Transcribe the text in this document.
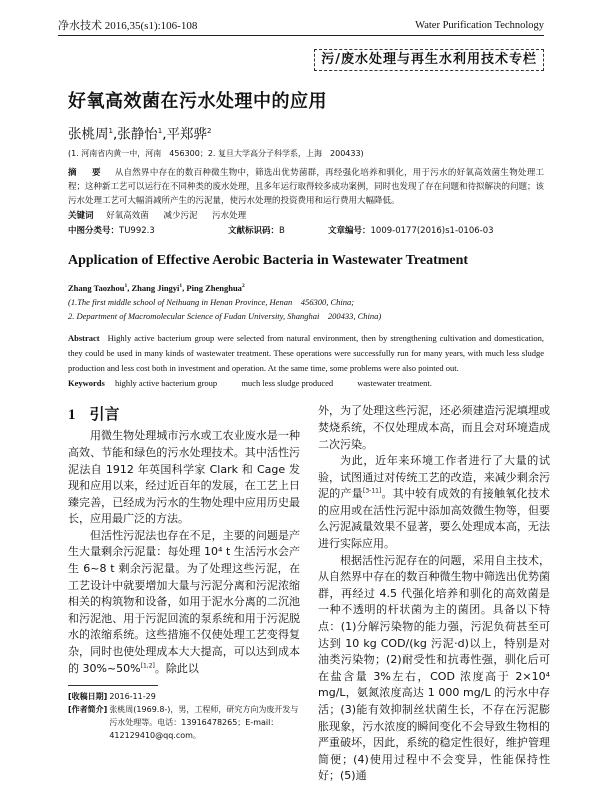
净水技术 2016,35(s1):106-108	Water Purification Technology
污/废水处理与再生水利用技术专栏
好氧高效菌在污水处理中的应用
张桃周$^1$,张静怡$^1$,平郑骅$^2$
(1. 河南省内黄一中，河南　456300；2. 复旦大学高分子科学系，上海　200433)
摘 要 从自然界中存在的数百种微生物中，筛选出优势菌群，再经强化培养和驯化，用于污水的好氧高效菌生物处理工程；这种新工艺可以运行在不同种类的废水处理，且多年运行取得较多成功案例，同时也发现了存在问题和待拟解决的问题；该污水处理工艺可大幅消减所产生的污泥量，使污水处理的投资费用和运行费用大幅降低。
关键词 好氧高效菌 减少污泥 污水处理
中图分类号：TU992.3	文献标识码：B	文章编号：1009-0177(2016)s1-0106-03
Application of Effective Aerobic Bacteria in Wastewater Treatment
Zhang Taozhou$^1$, Zhang Jingyi$^1$, Ping Zhenghua$^2$
(1.The first middle school of Neihuang in Henan Province, Henan　456300, China;
2. Department of Macromolecular Science of Fudan University, Shanghai　200433, China)
Abstract Highly active bacterium group were selected from natural environment, then by strengthening cultivation and domestication, they could be used in many kinds of wastewater treatment. These operations were successfully run for many years, with much less sludge production and less cost both in investment and operation. At the same time, some problems were also pointed out.
Keywords highly active bacterium group	much less sludge produced	wastewater treatment.
1 引言

用微生物处理城市污水或工农业废水是一种高效、节能和绿色的污水处理技术。其中活性污泥法自 1912 年英国科学家 Clark 和 Cage 发现和应用以来，经过近百年的发展，在工艺上日臻完善，已经成为污水的生物处理中应用历史最长，应用最广泛的方法。

但活性污泥法也存在不足，主要的问题是产生大量剩余污泥量：每处理 10⁴ t 生活污水会产生 6~8 t 剩余污泥量。为了处理这些污泥，在工艺设计中就要增加大量与污泥分离和污泥浓缩相关的构筑物和设备，如用于泥水分离的二沉池和污泥池、用于污泥回流的泵系统和用于污泥脱水的浓缩系统。这些措施不仅使处理工艺变得复杂，同时也使处理成本大大提高，可以达到成本的 30%~50%[1,2]。除此以

[收稿日期] 2016-11-29
[作者简介] 张桃周(1969.8-)，男，工程师，研究方向为废开发与污水处理等。电话：13916478265；E-mail：412129410@qq.com。

外，为了处理这些污泥，还必须建造污泥填埋或焚烧系统，不仅处理成本高，而且会对环境造成二次污染。

为此，近年来环境工作者进行了大量的试验，试图通过对传统工艺的改造，来减少剩余污泥的产量[3-11]。其中较有成效的有接触氧化技术的应用或在活性污泥中添加高效微生物等，但要么污泥减量效果不显著，要么处理成本高，无法进行实际应用。

根据活性污泥存在的问题，采用自主技术，从自然界中存在的数百种微生物中筛选出优势菌群，再经过 4.5 代强化培养和驯化的高效菌是一种不透明的杆状菌为主的菌团。具备以下特点：(1)分解污染物的能力强，污泥负荷甚至可达到 10 kg COD/(kg 污泥·d)以上，特别是对油类污染物；(2)耐受性和抗毒性强，驯化后可在盐含量 3%左右，COD 浓度高于 2×10⁴ mg/L，氨氮浓度高达 1 000 mg/L 的污水中存活；(3)能有效抑制丝状菌生长，不存在污泥膨胀现象，污水浓度的瞬间变化不会导致生物相的严重破坏，因此，系统的稳定性很好，维护管理简便；(4)使用过程中不会变异，性能保持性好；(5)通
